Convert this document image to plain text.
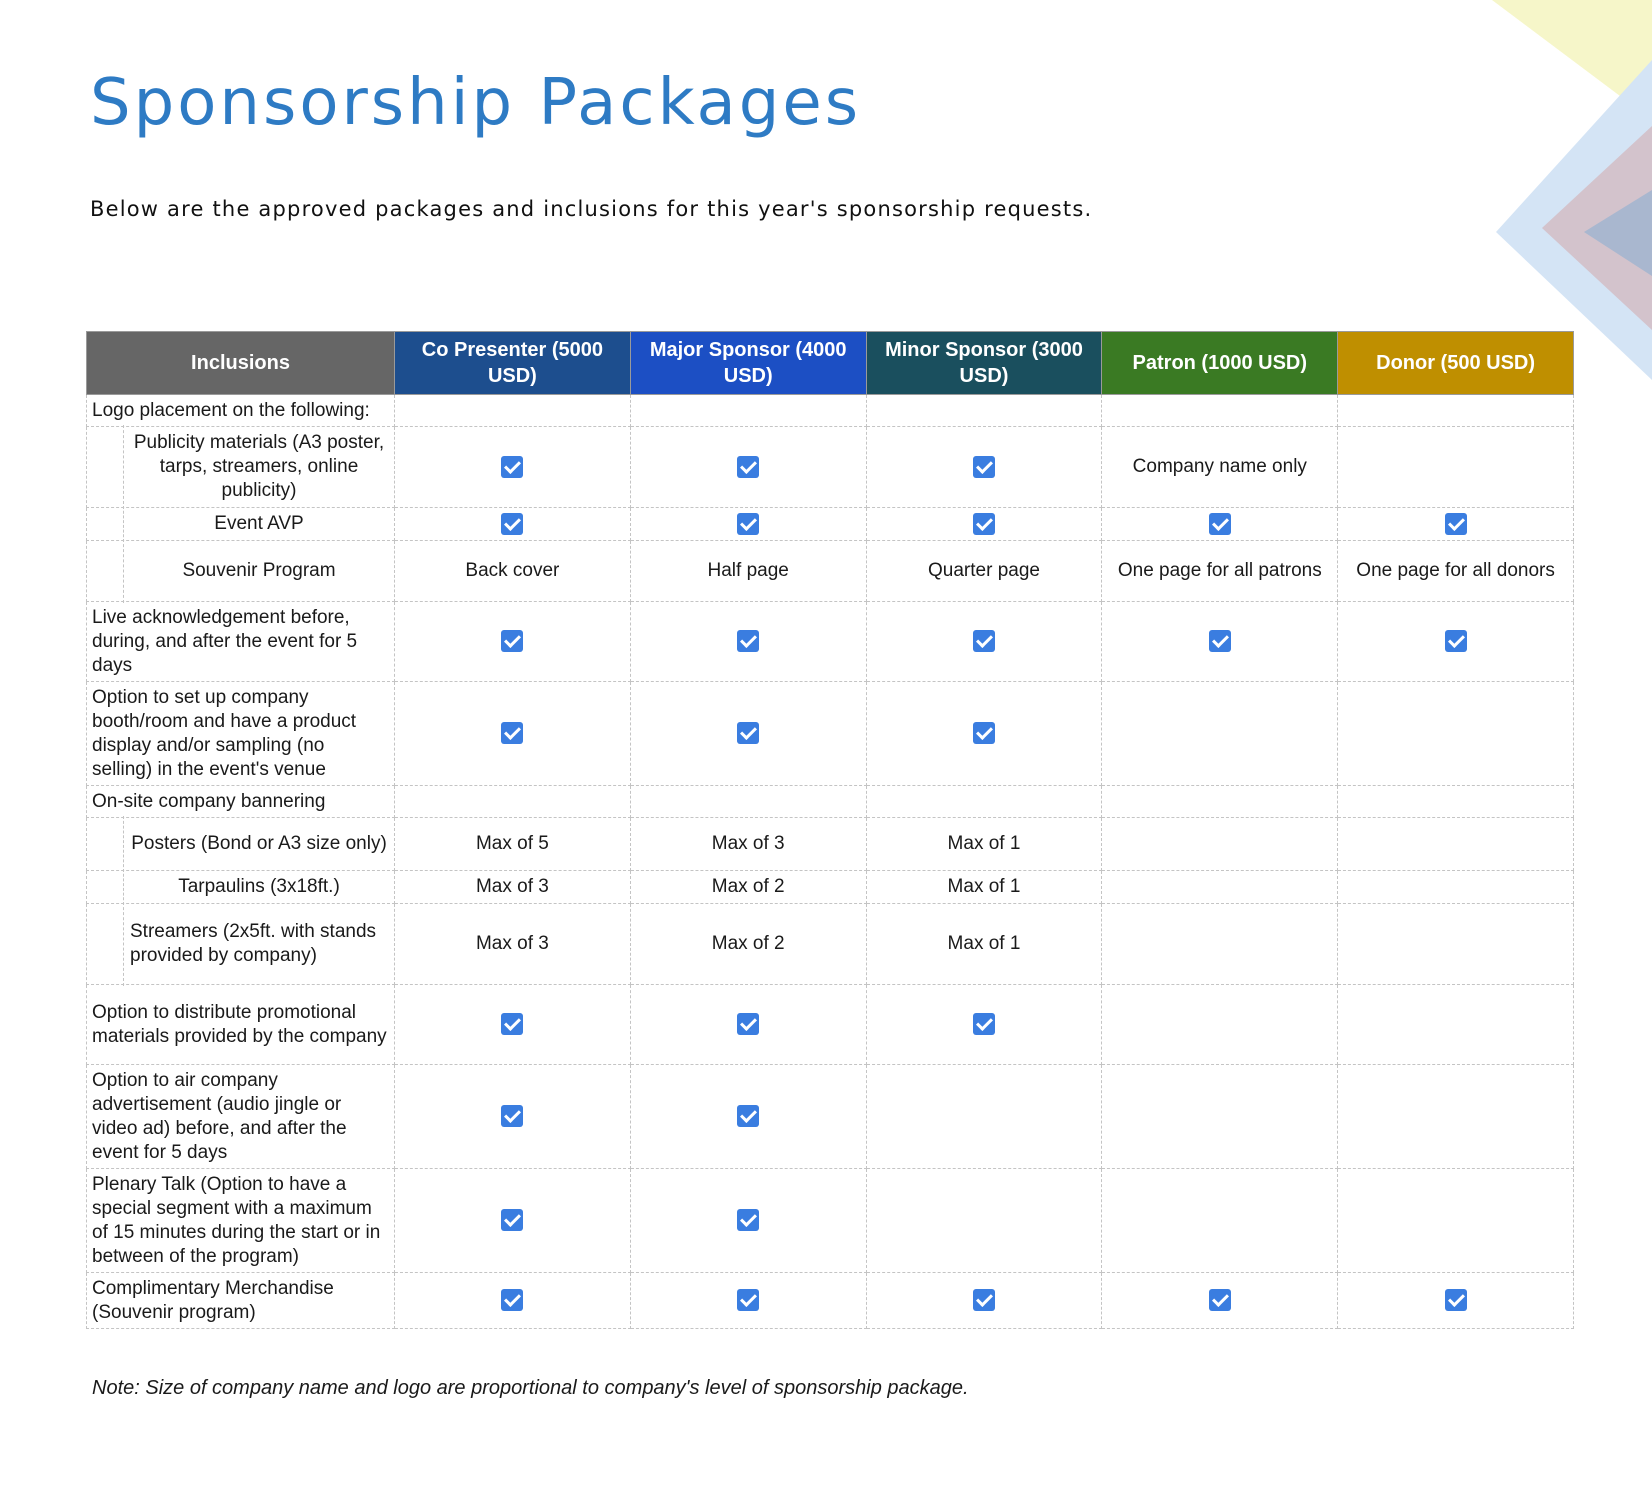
Sponsorship Packages

Below are the approved packages and inclusions for this year's sponsorship requests.

Inclusions	Co Presenter (5000 USD)	Major Sponsor (4000 USD)	Minor Sponsor (3000 USD)	Patron (1000 USD)	Donor (500 USD)
Logo placement on the following:					

Publicity materials (A3 poster, tarps, streamers, online publicity)				Company name only	

Event AVP					

Souvenir Program	Back cover	Half page	Quarter page	One page for all patrons	One page for all donors
Live acknowledgement before, during, and after the event for 5 days					
Option to set up company booth/room and have a product display and/or sampling (no selling) in the event's venue					
On-site company bannering					

Posters (Bond or A3 size only)	Max of 5	Max of 3	Max of 1		

Tarpaulins (3x18ft.)	Max of 3	Max of 2	Max of 1		

Streamers (2x5ft. with stands provided by company)	Max of 3	Max of 2	Max of 1		
Option to distribute promotional materials provided by the company					
Option to air company advertisement (audio jingle or video ad) before, and after the event for 5 days					
Plenary Talk (Option to have a special segment with a maximum of 15 minutes during the start or in between of the program)					
Complimentary Merchandise (Souvenir program)					

Note: Size of company name and logo are proportional to company's level of sponsorship package.
